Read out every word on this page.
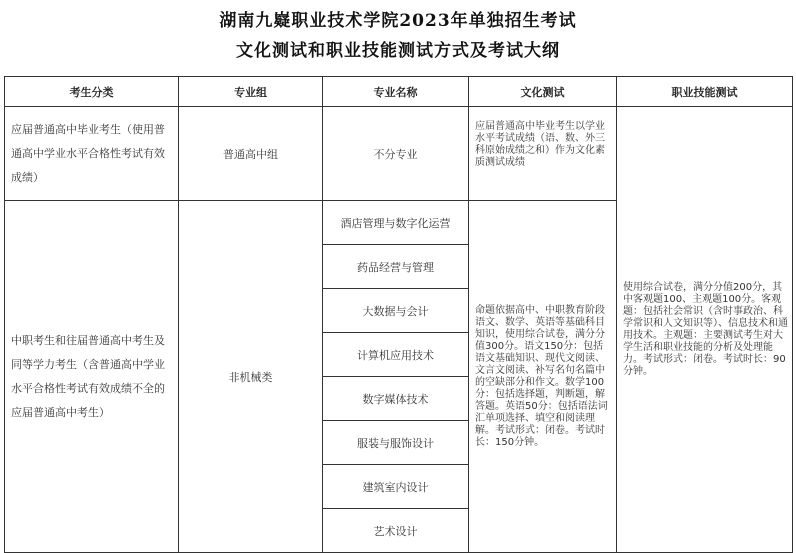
湖南九嶷职业技术学院2023年单独招生考试
文化测试和职业技能测试方式及考试大纲
考生分类	专业组	专业名称	文化测试	职业技能测试
应届普通高中毕业考生（使用普通高中学业水平合格性考试有效成绩）	普通高中组	不分专业	应届普通高中毕业考生以学业水平考试成绩（语、数、外三科原始成绩之和）作为文化素质测试成绩	使用综合试卷，满分分值200分，其中客观题100、主观题100分。客观题：包括社会常识（含时事政治、科学常识和人文知识等）、信息技术和通用技术。主观题：主要测试考生对大学生活和职业技能的分析及处理能力。考试形式：闭卷。考试时长：90分钟。
中职考生和往届普通高中考生及同等学力考生（含普通高中学业水平合格性考试有效成绩不全的应届普通高中考生）	非机械类	酒店管理与数字化运营	命题依据高中、中职教育阶段语文、数学、英语等基础科目知识，使用综合试卷，满分分值300分。语文150分：包括语文基础知识、现代文阅读、文言文阅读、补写名句名篇中的空缺部分和作文。数学100分：包括选择题，判断题，解答题。英语50分：包括语法词汇单项选择、填空和阅读理解。考试形式：闭卷。考试时长：150分钟。	
		药品经营与管理		
		大数据与会计		
		计算机应用技术		
		数字媒体技术		
		服装与服饰设计		
		建筑室内设计		
		艺术设计		
